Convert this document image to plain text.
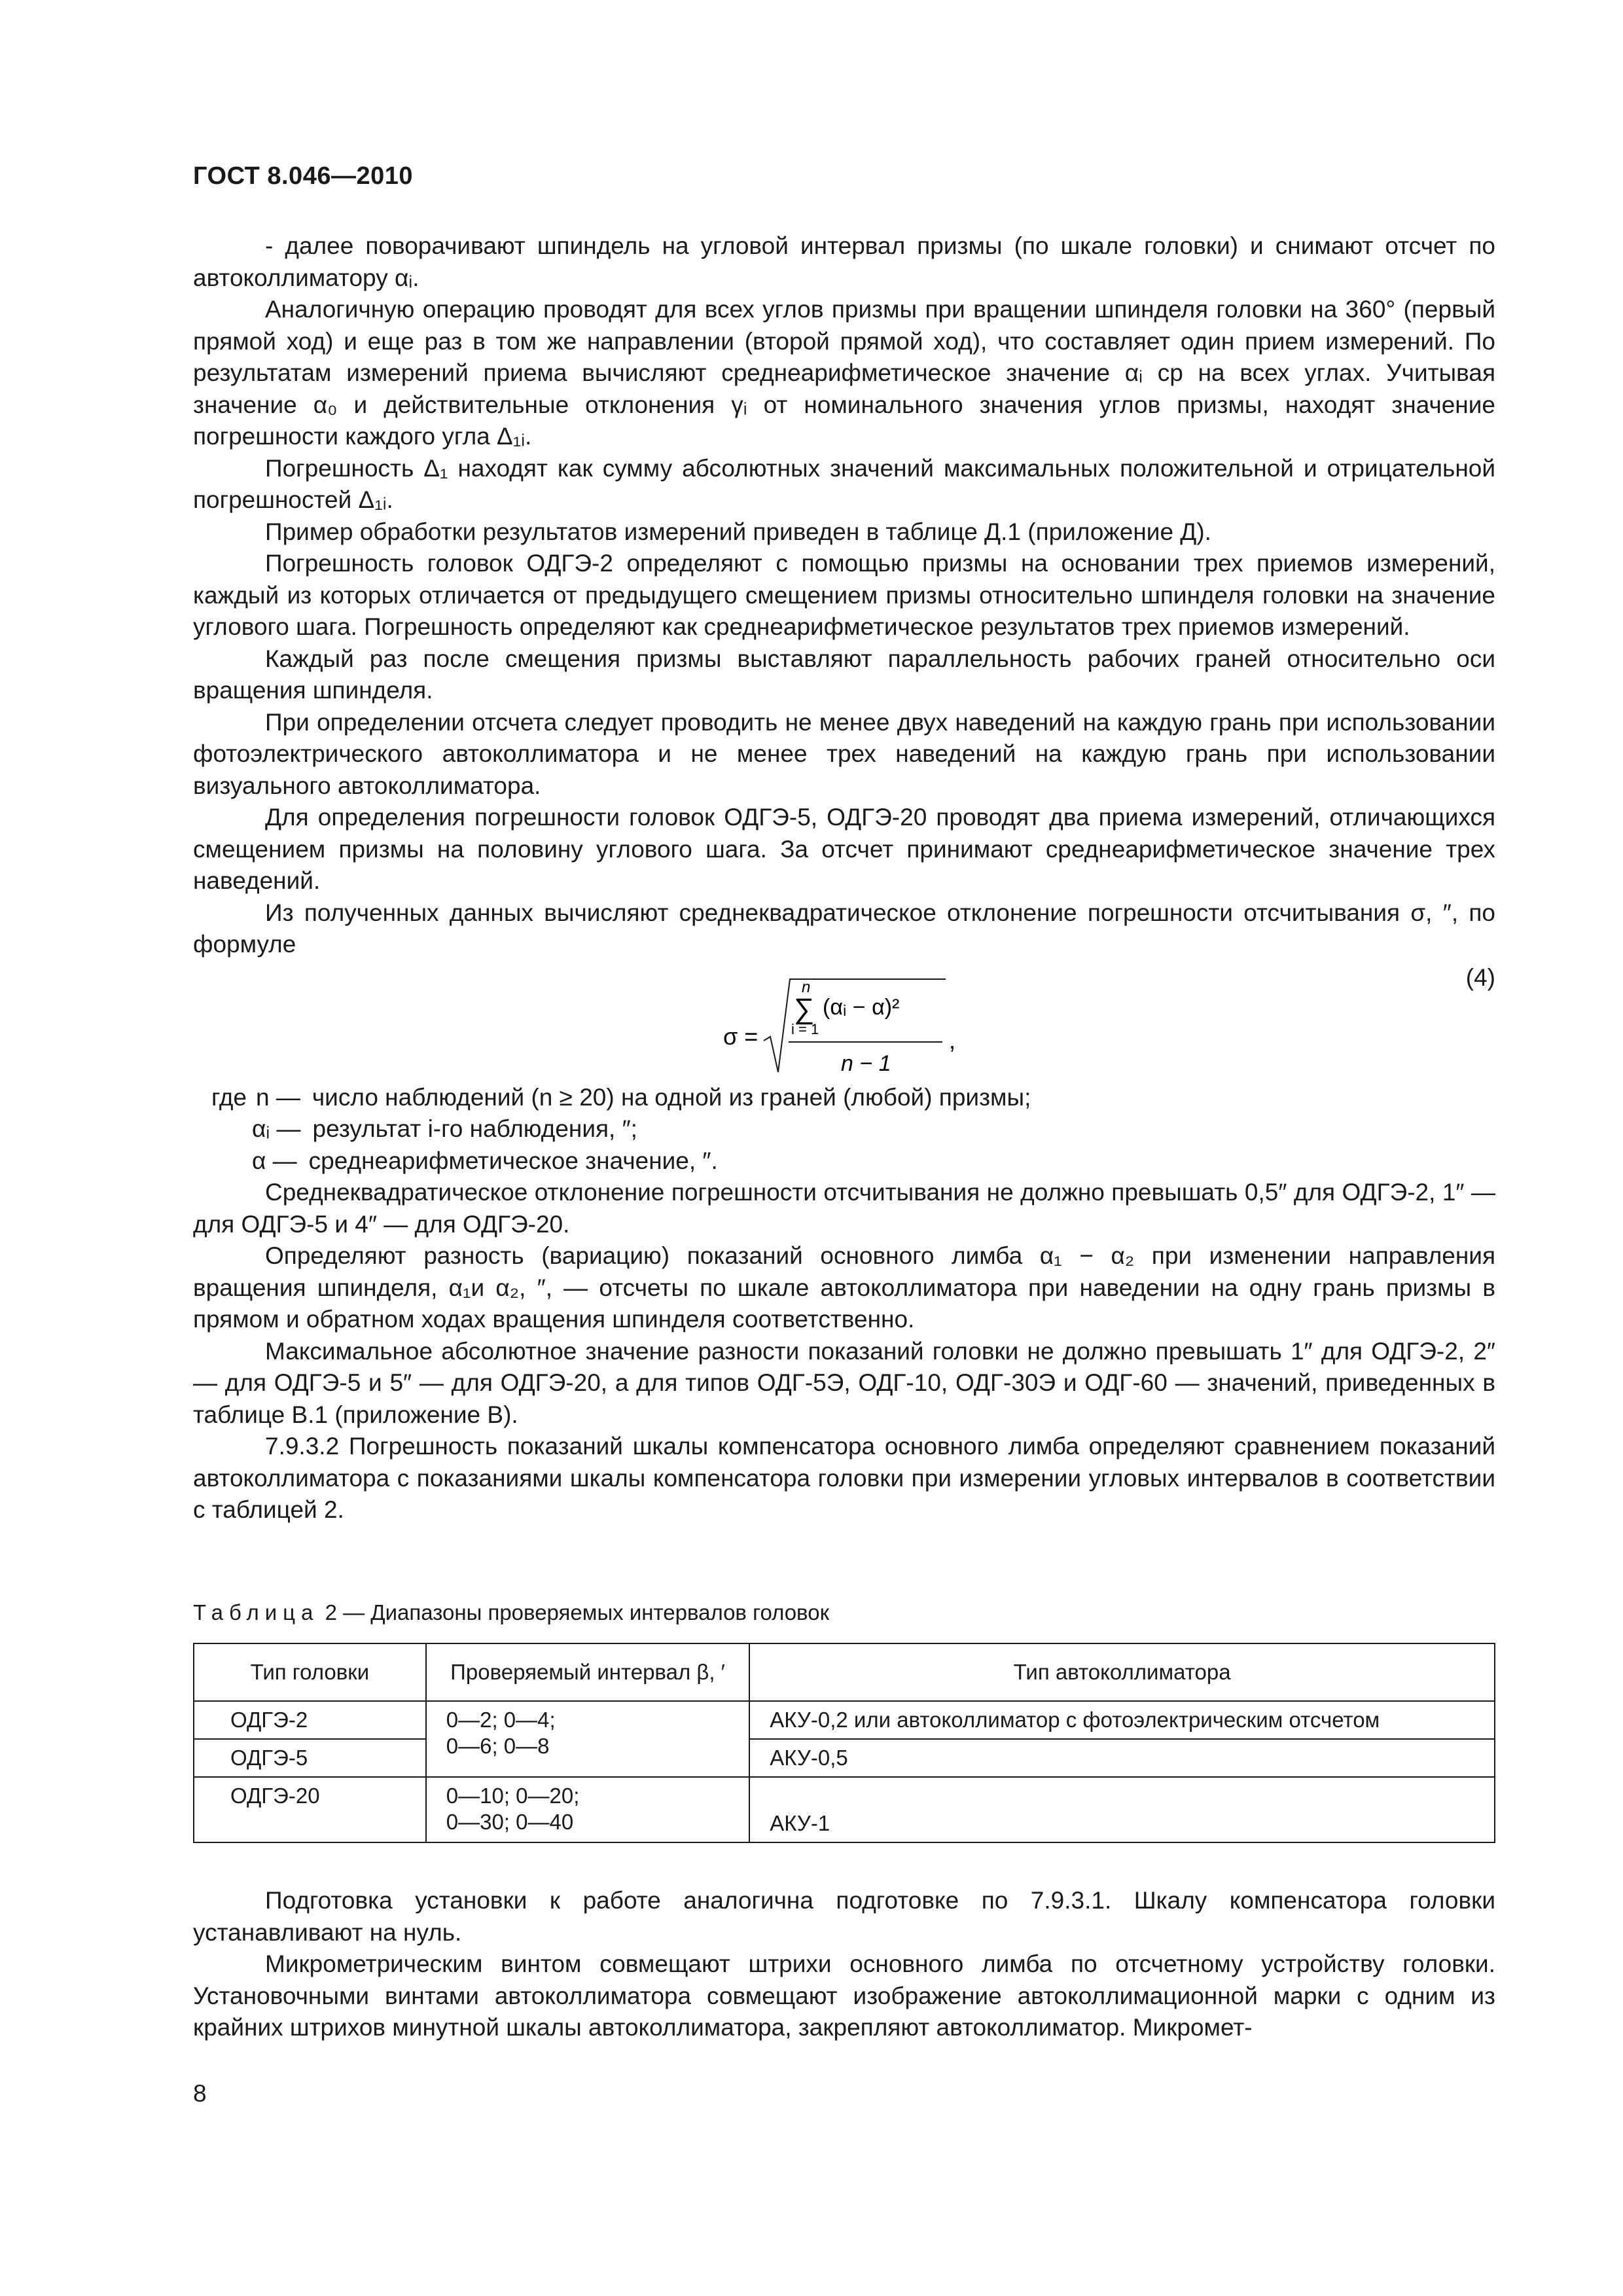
ГОСТ 8.046—2010

- далее поворачивают шпиндель на угловой интервал призмы (по шкале головки) и снимают отсчет по автоколлиматору αᵢ.

Аналогичную операцию проводят для всех углов призмы при вращении шпинделя головки на 360° (первый прямой ход) и еще раз в том же направлении (второй прямой ход), что составляет один прием измерений. По результатам измерений приема вычисляют среднеарифметическое значение αᵢ ср на всех углах. Учитывая значение α₀ и действительные отклонения γᵢ от номинального значения углов призмы, находят значение погрешности каждого угла Δ₁ᵢ.

Погрешность Δ₁ находят как сумму абсолютных значений максимальных положительной и отрицательной погрешностей Δ₁ᵢ.

Пример обработки результатов измерений приведен в таблице Д.1 (приложение Д).

Погрешность головок ОДГЭ-2 определяют с помощью призмы на основании трех приемов измерений, каждый из которых отличается от предыдущего смещением призмы относительно шпинделя головки на значение углового шага. Погрешность определяют как среднеарифметическое результатов трех приемов измерений.

Каждый раз после смещения призмы выставляют параллельность рабочих граней относительно оси вращения шпинделя.

При определении отсчета следует проводить не менее двух наведений на каждую грань при использовании фотоэлектрического автоколлиматора и не менее трех наведений на каждую грань при использовании визуального автоколлиматора.

Для определения погрешности головок ОДГЭ-5, ОДГЭ-20 проводят два приема измерений, отличающихся смещением призмы на половину углового шага. За отсчет принимают среднеарифметическое значение трех наведений.

Из полученных данных вычисляют среднеквадратическое отклонение погрешности отсчитывания σ, ″, по формуле

σ =
n
∑
i = 1
(αᵢ − α)²
n − 1
,
(4)
где n — число наблюдений (n ≥ 20) на одной из граней (любой) призмы;
αᵢ — результат i-го наблюдения, ″;
α — среднеарифметическое значение, ″.

Среднеквадратическое отклонение погрешности отсчитывания не должно превышать 0,5″ для ОДГЭ-2, 1″ — для ОДГЭ-5 и 4″ — для ОДГЭ-20.

Определяют разность (вариацию) показаний основного лимба α₁ − α₂ при изменении направления вращения шпинделя, α₁и α₂, ″, — отсчеты по шкале автоколлиматора при наведении на одну грань призмы в прямом и обратном ходах вращения шпинделя соответственно.

Максимальное абсолютное значение разности показаний головки не должно превышать 1″ для ОДГЭ-2, 2″ — для ОДГЭ-5 и 5″ — для ОДГЭ-20, а для типов ОДГ-5Э, ОДГ-10, ОДГ-30Э и ОДГ-60 — значений, приведенных в таблице В.1 (приложение В).

7.9.3.2 Погрешность показаний шкалы компенсатора основного лимба определяют сравнением показаний автоколлиматора с показаниями шкалы компенсатора головки при измерении угловых интервалов в соответствии с таблицей 2.

Таблица 2 — Диапазоны проверяемых интервалов головок
Тип головки	Проверяемый интервал β, ′	Тип автоколлиматора
ОДГЭ-2	0—2; 0—4;
0—6; 0—8	АКУ-0,2 или автоколлиматор с фотоэлектрическим отсчетом
ОДГЭ-5		АКУ-0,5
ОДГЭ-20	0—10; 0—20;
0—30; 0—40	АКУ-1

Подготовка установки к работе аналогична подготовке по 7.9.3.1. Шкалу компенсатора головки устанавливают на нуль.

Микрометрическим винтом совмещают штрихи основного лимба по отсчетному устройству головки. Установочными винтами автоколлиматора совмещают изображение автоколлимационной марки с одним из крайних штрихов минутной шкалы автоколлиматора, закрепляют автоколлиматор. Микромет-

8
